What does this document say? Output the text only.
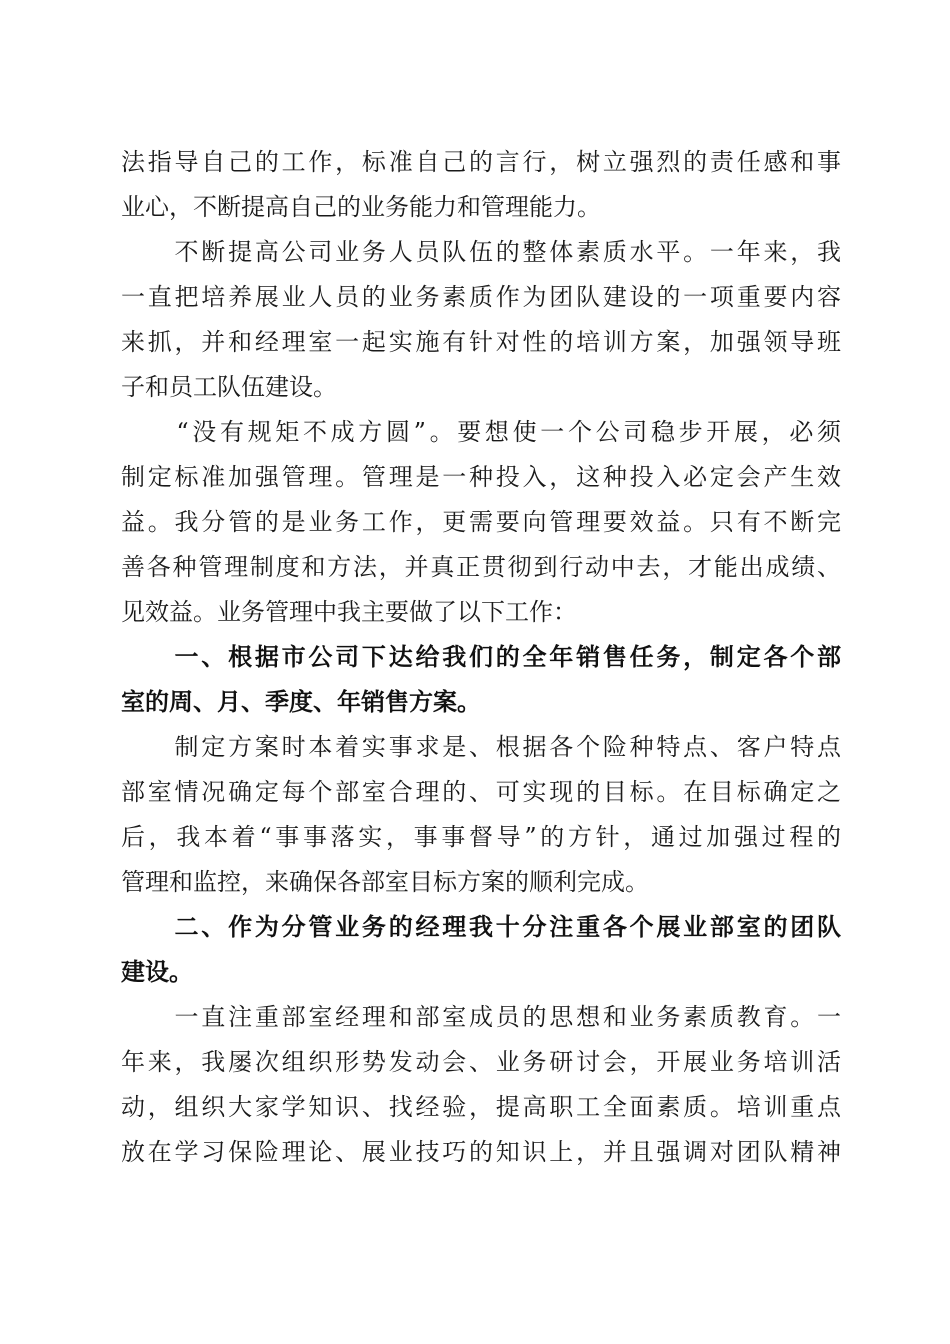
法指导自己的工作，标准自己的言行，树立强烈的责任感和事
业心，不断提高自己的业务能力和管理能力。
　　不断提高公司业务人员队伍的整体素质水平。一年来，我
一直把培养展业人员的业务素质作为团队建设的一项重要内容
来抓，并和经理室一起实施有针对性的培训方案，加强领导班
子和员工队伍建设。
　　“没有规矩不成方圆”。要想使一个公司稳步开展，必须
制定标准加强管理。管理是一种投入，这种投入必定会产生效
益。我分管的是业务工作，更需要向管理要效益。只有不断完
善各种管理制度和方法，并真正贯彻到行动中去，才能出成绩、
见效益。业务管理中我主要做了以下工作：
　　一、根据市公司下达给我们的全年销售任务，制定各个部
室的周、月、季度、年销售方案。
　　制定方案时本着实事求是、根据各个险种特点、客户特点
部室情况确定每个部室合理的、可实现的目标。在目标确定之
后，我本着“事事落实，事事督导”的方针，通过加强过程的
管理和监控，来确保各部室目标方案的顺利完成。
　　二、作为分管业务的经理我十分注重各个展业部室的团队
建设。
　　一直注重部室经理和部室成员的思想和业务素质教育。一
年来，我屡次组织形势发动会、业务研讨会，开展业务培训活
动，组织大家学知识、找经验，提高职工全面素质。培训重点
放在学习保险理论、展业技巧的知识上，并且强调对团队精神
